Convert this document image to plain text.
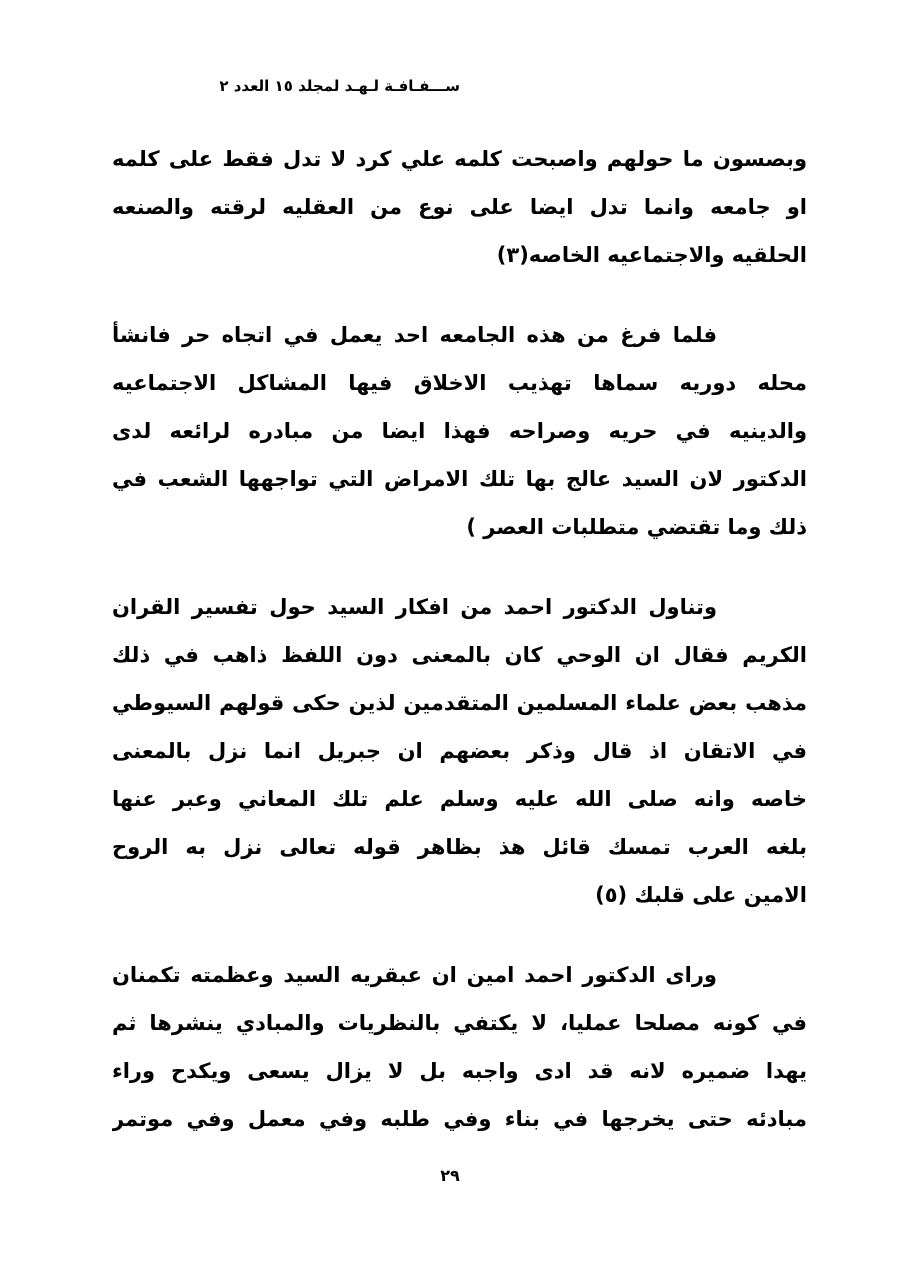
ســـفـافـة لـهـد لمجلد ١٥ العدد ٢
وبصسون ما حولهم واصبحت كلمه علي كرد لا تدل فقط على كلمه
او جامعه وانما تدل ايضا على نوع من العقليه لرقته والصنعه
الحلقيه والاجتماعيه الخاصه(٣)
فلما فرغ من هذه الجامعه احد يعمل في اتجاه حر فانشأ
محله دوريه سماها تهذيب الاخلاق فيها المشاكل الاجتماعيه
والدينيه في حريه وصراحه فهذا ايضا من مبادره لرائعه لدى
الدكتور لان السيد عالج بها تلك الامراض التي تواجهها الشعب في
ذلك وما تقتضي متطلبات العصر )
وتناول الدكتور احمد من افكار السيد حول تفسير القران
الكريم فقال ان الوحي كان بالمعنى دون اللفظ ذاهب في ذلك
مذهب بعض علماء المسلمين المتقدمين لذين حكى قولهم السيوطي
في الاتقان اذ قال وذكر بعضهم ان جبريل انما نزل بالمعنى
خاصه وانه صلى الله عليه وسلم علم تلك المعاني وعبر عنها
بلغه العرب تمسك قائل هذ بظاهر قوله تعالى نزل به الروح
الامين على قلبك (٥)
وراى الدكتور احمد امين ان عبقريه السيد وعظمته تكمنان
في كونه مصلحا عمليا، لا يكتفي بالنظريات والمبادي ينشرها ثم
يهدا ضميره لانه قد ادى واجبه بل لا يزال يسعى ويكدح وراء
مبادئه حتى يخرجها في بناء وفي طلبه وفي معمل وفي موتمر
٢٩
